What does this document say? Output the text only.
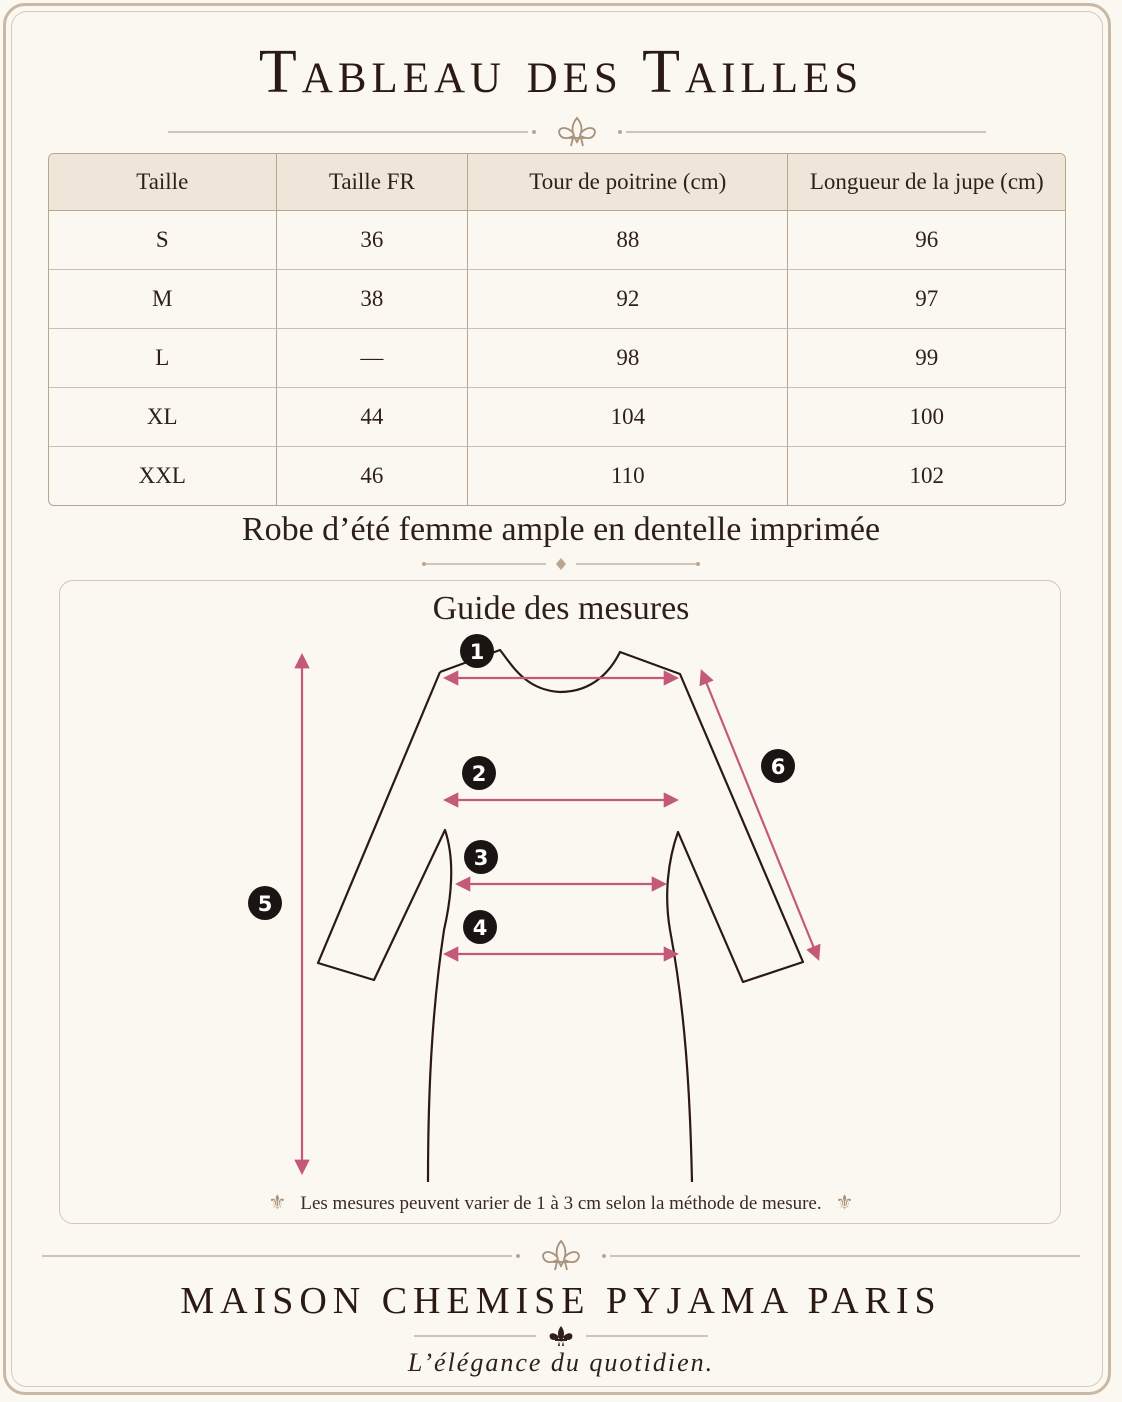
Tableau des Tailles
Taille	Taille FR	Tour de poitrine (cm)	Longueur de la jupe (cm)
S	36	88	96
M	38	92	97
L	—	98	99
XL	44	104	100
XXL	46	110	102
Robe d’été femme ample en dentelle imprimée
Guide des mesures
1
2
3
4
5
6
⚜ Les mesures peuvent varier de 1 à 3 cm selon la méthode de mesure. ⚜
MAISON CHEMISE PYJAMA PARIS
L’élégance du quotidien.
